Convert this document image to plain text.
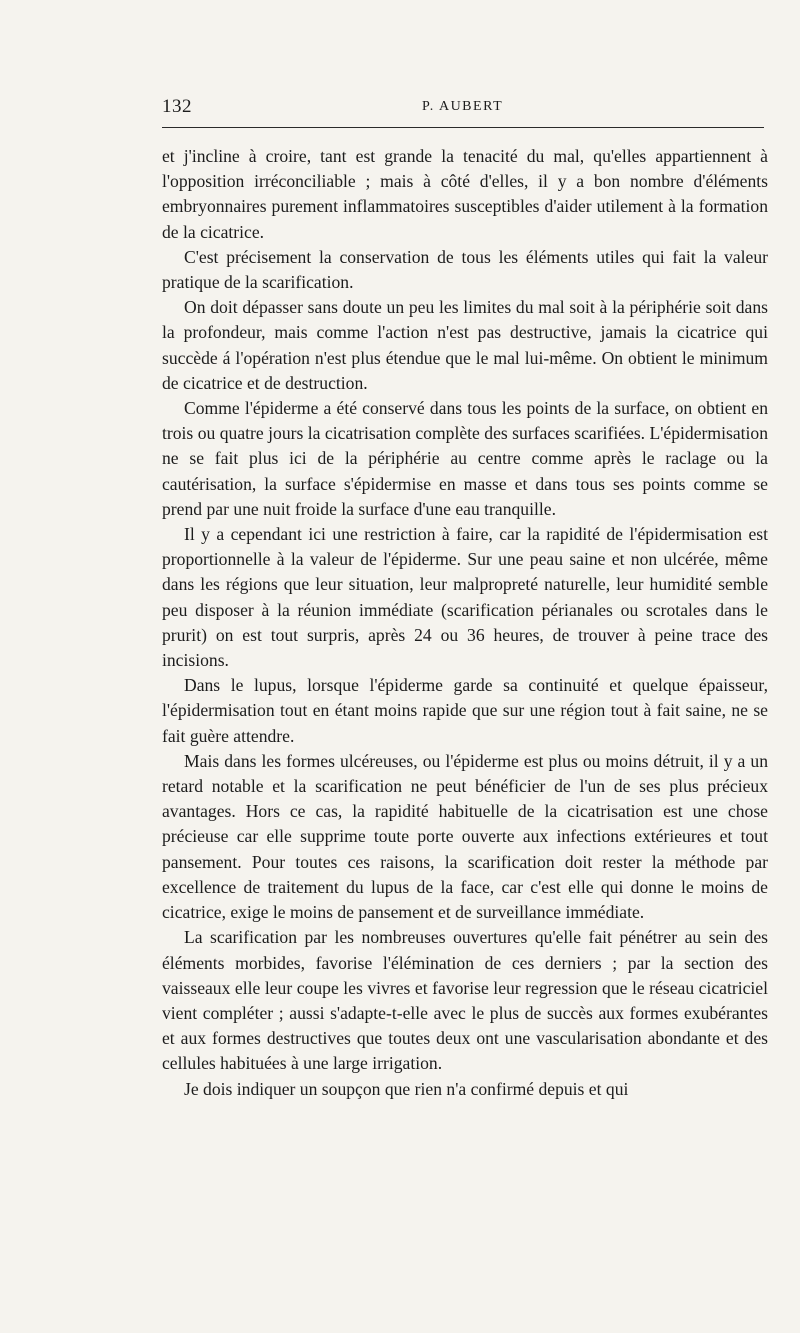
132	P. AUBERT

et j'incline à croire, tant est grande la tenacité du mal, qu'elles appartiennent à l'opposition irréconciliable ; mais à côté d'elles, il y a bon nombre d'éléments embryonnaires purement inflammatoires susceptibles d'aider utilement à la formation de la cicatrice.

C'est précisement la conservation de tous les éléments utiles qui fait la valeur pratique de la scarification.

On doit dépasser sans doute un peu les limites du mal soit à la périphérie soit dans la profondeur, mais comme l'action n'est pas destructive, jamais la cicatrice qui succède á l'opération n'est plus étendue que le mal lui-même. On obtient le minimum de cicatrice et de destruction.

Comme l'épiderme a été conservé dans tous les points de la surface, on obtient en trois ou quatre jours la cicatrisation complète des surfaces scarifiées. L'épidermisation ne se fait plus ici de la périphérie au centre comme après le raclage ou la cautérisation, la surface s'épidermise en masse et dans tous ses points comme se prend par une nuit froide la surface d'une eau tranquille.

Il y a cependant ici une restriction à faire, car la rapidité de l'épidermisation est proportionnelle à la valeur de l'épiderme. Sur une peau saine et non ulcérée, même dans les régions que leur situation, leur malpropreté naturelle, leur humidité semble peu disposer à la réunion immédiate (scarification périanales ou scrotales dans le prurit) on est tout surpris, après 24 ou 36 heures, de trouver à peine trace des incisions.

Dans le lupus, lorsque l'épiderme garde sa continuité et quelque épaisseur, l'épidermisation tout en étant moins rapide que sur une région tout à fait saine, ne se fait guère attendre.

Mais dans les formes ulcéreuses, ou l'épiderme est plus ou moins détruit, il y a un retard notable et la scarification ne peut bénéficier de l'un de ses plus précieux avantages. Hors ce cas, la rapidité habituelle de la cicatrisation est une chose précieuse car elle supprime toute porte ouverte aux infections extérieures et tout pansement. Pour toutes ces raisons, la scarification doit rester la méthode par excellence de traitement du lupus de la face, car c'est elle qui donne le moins de cicatrice, exige le moins de pansement et de surveillance immédiate.

La scarification par les nombreuses ouvertures qu'elle fait pénétrer au sein des éléments morbides, favorise l'élémination de ces derniers ; par la section des vaisseaux elle leur coupe les vivres et favorise leur regression que le réseau cicatriciel vient compléter ; aussi s'adapte-t-elle avec le plus de succès aux formes exubérantes et aux formes destructives que toutes deux ont une vascularisation abondante et des cellules habituées à une large irrigation.

Je dois indiquer un soupçon que rien n'a confirmé depuis et qui
